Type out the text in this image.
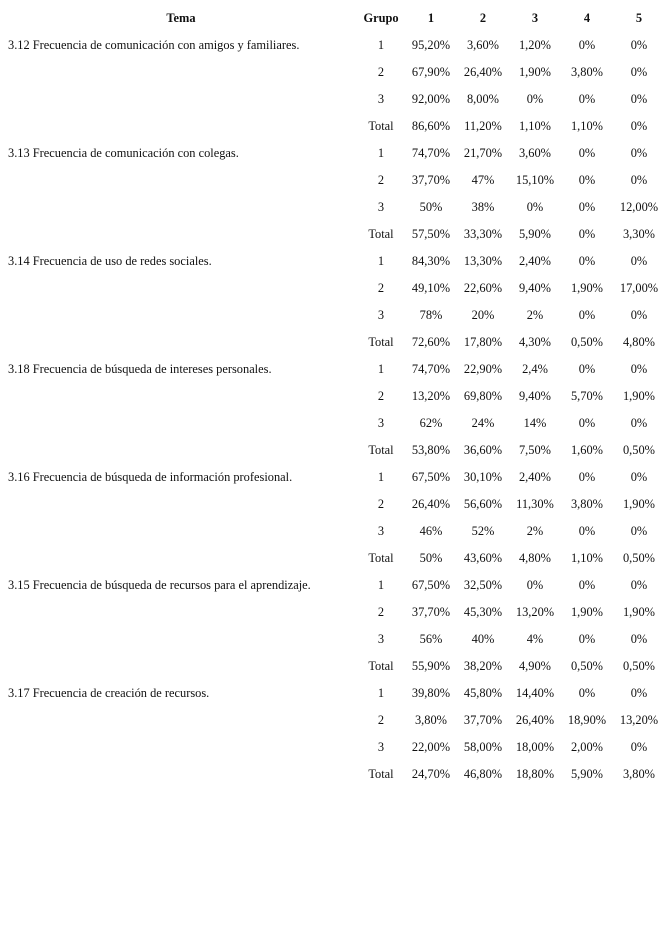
Tema	Grupo	1	2	3	4	5
3.12 Frecuencia de comunicación con amigos y familiares.	1	95,20%	3,60%	1,20%	0%	0%
	2	67,90%	26,40%	1,90%	3,80%	0%
	3	92,00%	8,00%	0%	0%	0%
	Total	86,60%	11,20%	1,10%	1,10%	0%
3.13 Frecuencia de comunicación con colegas.	1	74,70%	21,70%	3,60%	0%	0%
	2	37,70%	47%	15,10%	0%	0%
	3	50%	38%	0%	0%	12,00%
	Total	57,50%	33,30%	5,90%	0%	3,30%
3.14 Frecuencia de uso de redes sociales.	1	84,30%	13,30%	2,40%	0%	0%
	2	49,10%	22,60%	9,40%	1,90%	17,00%
	3	78%	20%	2%	0%	0%
	Total	72,60%	17,80%	4,30%	0,50%	4,80%
3.18 Frecuencia de búsqueda de intereses personales.	1	74,70%	22,90%	2,4%	0%	0%
	2	13,20%	69,80%	9,40%	5,70%	1,90%
	3	62%	24%	14%	0%	0%
	Total	53,80%	36,60%	7,50%	1,60%	0,50%
3.16 Frecuencia de búsqueda de información profesional.	1	67,50%	30,10%	2,40%	0%	0%
	2	26,40%	56,60%	11,30%	3,80%	1,90%
	3	46%	52%	2%	0%	0%
	Total	50%	43,60%	4,80%	1,10%	0,50%
3.15 Frecuencia de búsqueda de recursos para el aprendizaje.	1	67,50%	32,50%	0%	0%	0%
	2	37,70%	45,30%	13,20%	1,90%	1,90%
	3	56%	40%	4%	0%	0%
	Total	55,90%	38,20%	4,90%	0,50%	0,50%
3.17 Frecuencia de creación de recursos.	1	39,80%	45,80%	14,40%	0%	0%
	2	3,80%	37,70%	26,40%	18,90%	13,20%
	3	22,00%	58,00%	18,00%	2,00%	0%
	Total	24,70%	46,80%	18,80%	5,90%	3,80%
